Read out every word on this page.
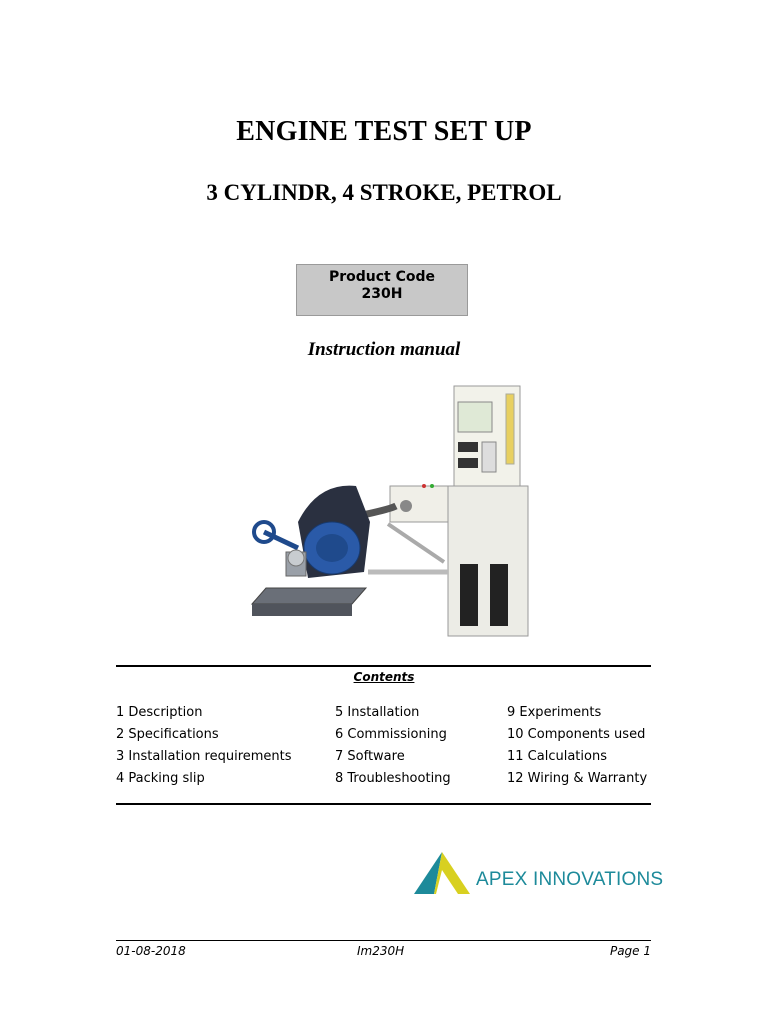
ENGINE TEST SET UP
3 CYLINDR, 4 STROKE, PETROL
Product Code
230H
Instruction manual
Contents
1 Description
2 Specifications
3 Installation requirements
4 Packing slip
5 Installation
6 Commissioning
7 Software
8 Troubleshooting
9 Experiments
10 Components used
11 Calculations
12 Wiring & Warranty
APEX INNOVATIONS
01-08-2018	Im230H	Page 1
